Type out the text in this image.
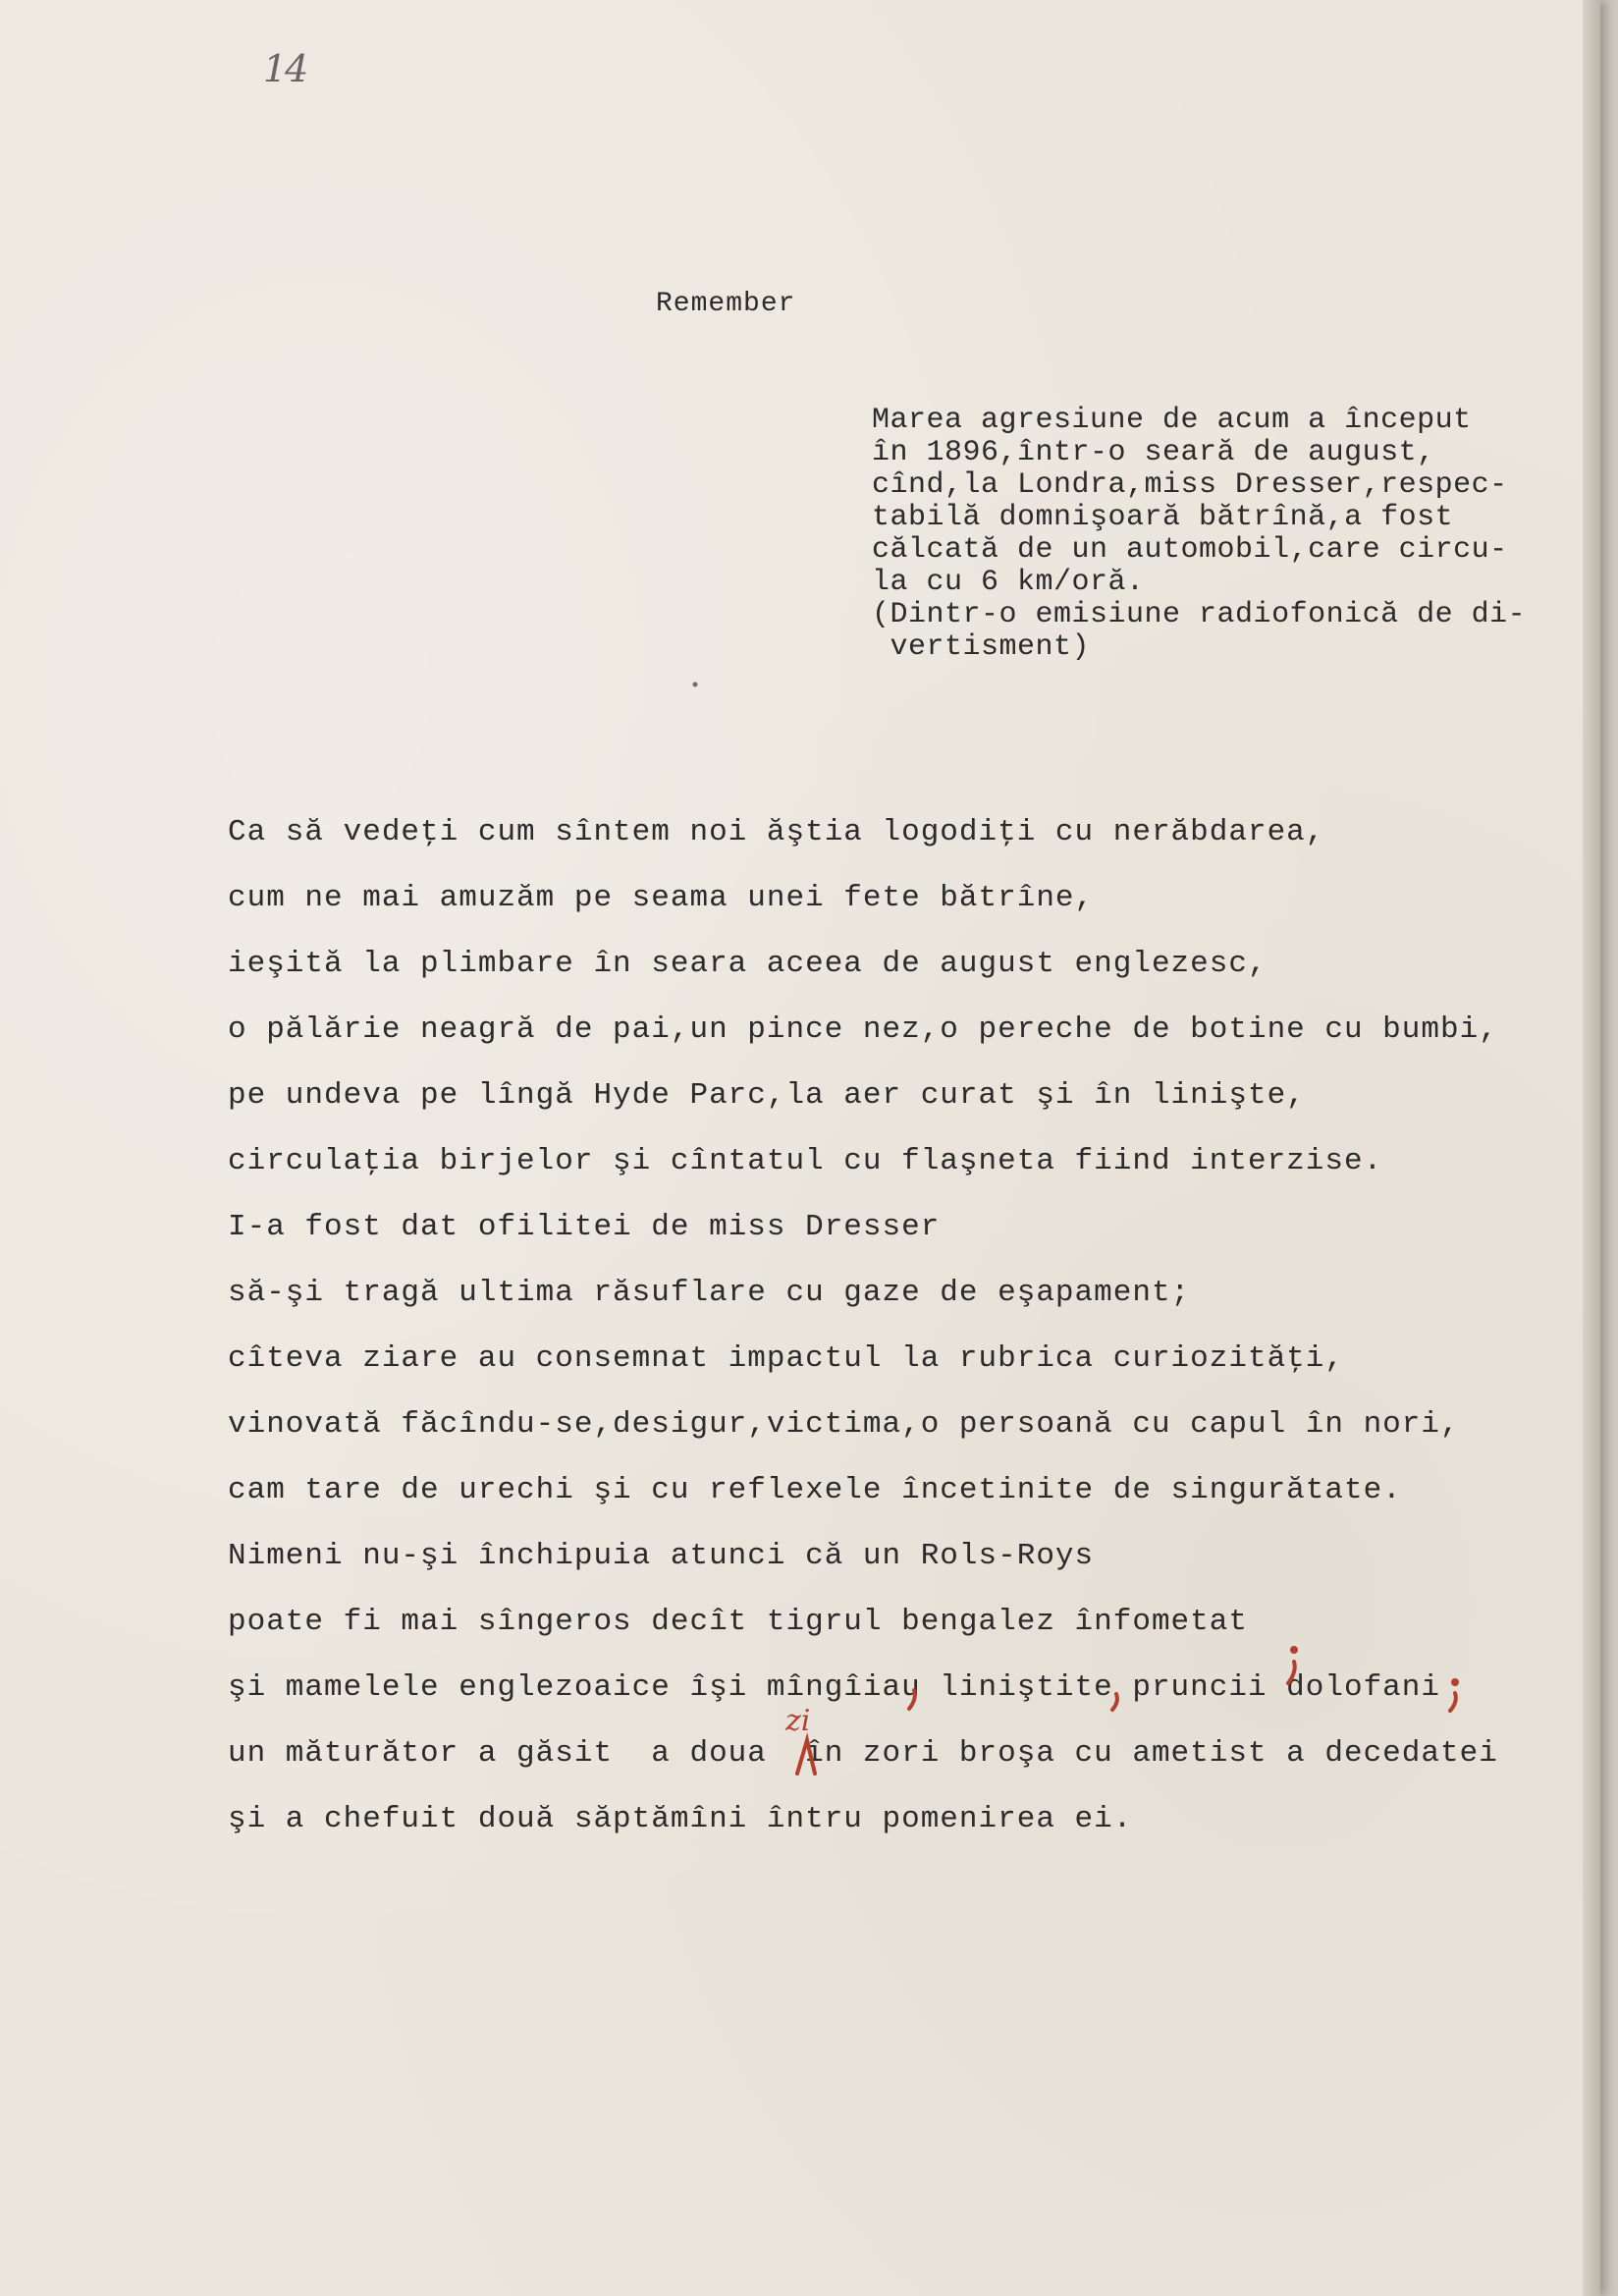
14
Remember
Marea agresiune de acum a început
în 1896,într-o seară de august,
cînd,la Londra,miss Dresser,respec-
tabilă domnişoară bătrînă,a fost
călcată de un automobil,care circu-
la cu 6 km/oră.
(Dintr-o emisiune radiofonică de di-
vertisment)
Ca să vedeţi cum sîntem noi ăştia logodiţi cu nerăbdarea,
cum ne mai amuzăm pe seama unei fete bătrîne,
ieşită la plimbare în seara aceea de august englezesc,
o pălărie neagră de pai,un pince nez,o pereche de botine cu bumbi,
pe undeva pe lîngă Hyde Parc,la aer curat şi în linişte,
circulaţia birjelor şi cîntatul cu flaşneta fiind interzise.
I-a fost dat ofilitei de miss Dresser
să-şi tragă ultima răsuflare cu gaze de eşapament;
cîteva ziare au consemnat impactul la rubrica curiozităţi,
vinovată făcîndu-se,desigur,victima,o persoană cu capul în nori,
cam tare de urechi şi cu reflexele încetinite de singurătate.
Nimeni nu-şi închipuia atunci că un Rols-Roys
poate fi mai sîngeros decît tigrul bengalez înfometat
şi mamelele englezoaice îşi mîngîiau liniştite pruncii dolofani
un măturător a găsit  a doua  în zori broşa cu ametist a decedatei
şi a chefuit două săptămîni întru pomenirea ei.
zi
